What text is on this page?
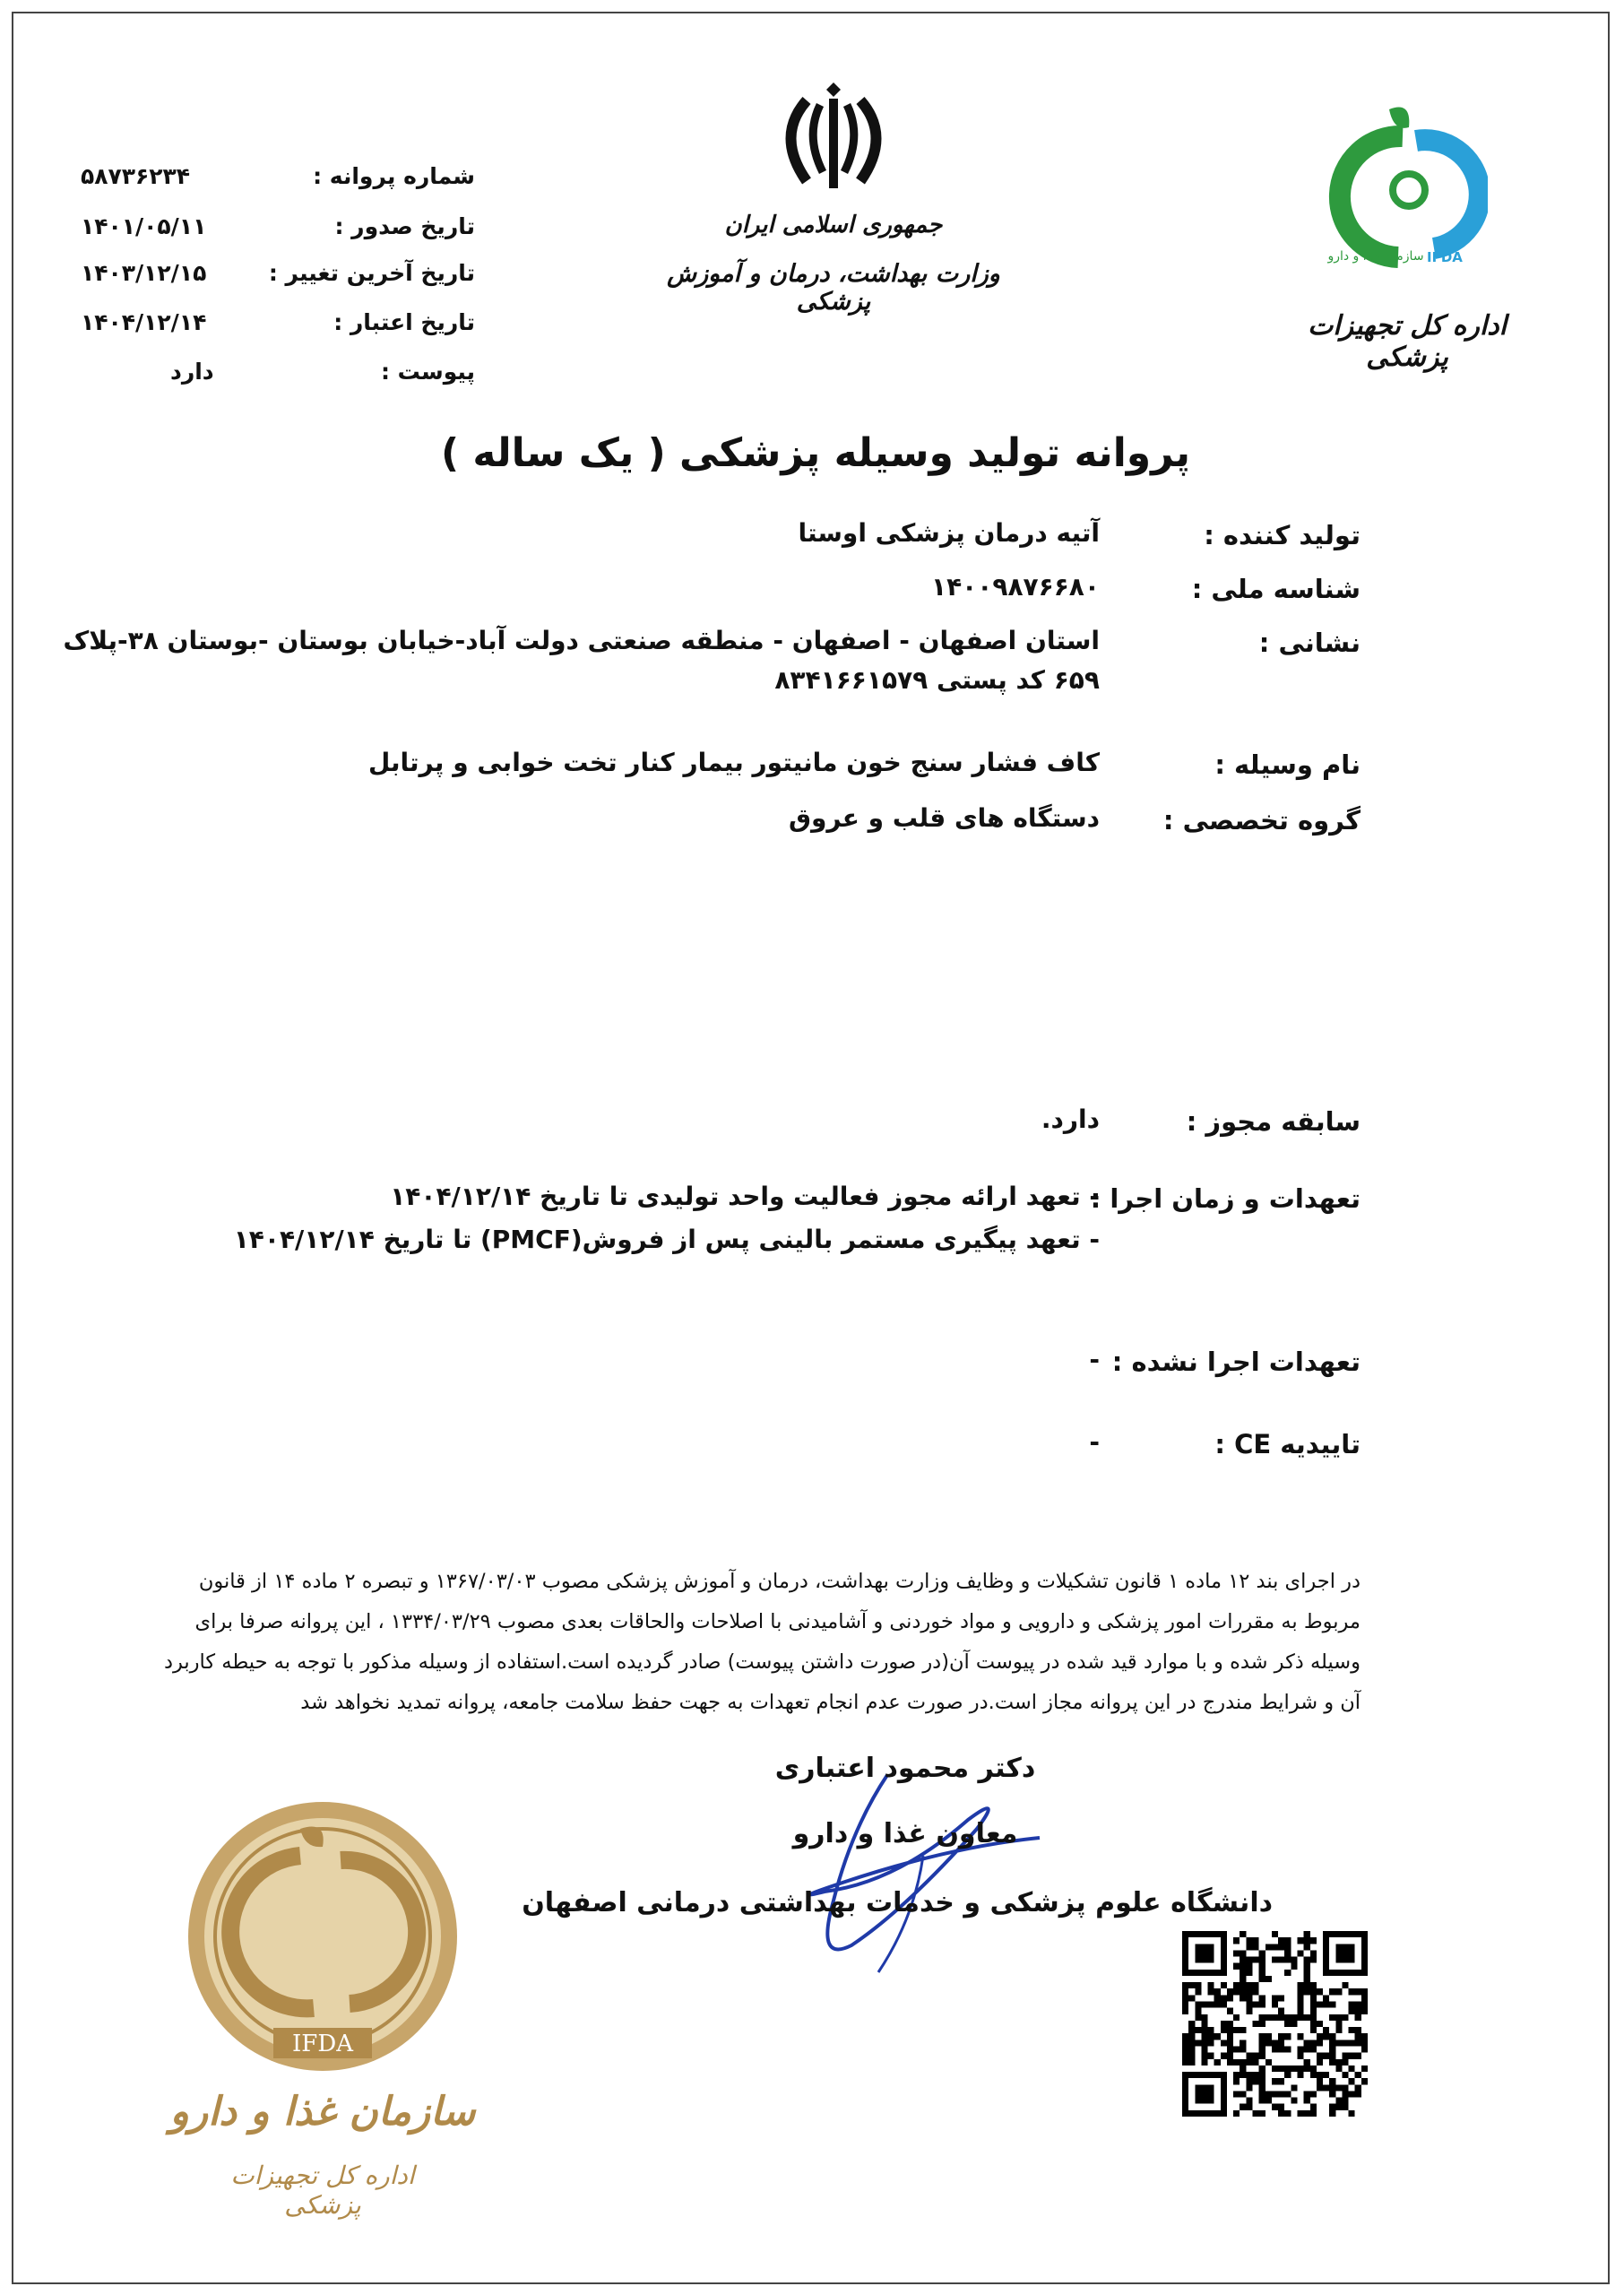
جمهوری اسلامی ایران
وزارت بهداشت، درمان و آموزش پزشکی
سازمان غذا و دارو IFDA
اداره کل تجهیزات پزشکی
شماره پروانه :
۵۸۷۳۶۲۳۴
تاریخ صدور :
۱۴۰۱/۰۵/۱۱
تاریخ آخرین تغییر :
۱۴۰۳/۱۲/۱۵
تاریخ اعتبار :
۱۴۰۴/۱۲/۱۴
پیوست :
دارد
پروانه تولید وسیله پزشکی ( یک ساله )
تولید کننده :
آتیه درمان پزشکی اوستا
شناسه ملی :
۱۴۰۰۹۸۷۶۶۸۰
نشانی :
استان اصفهان - اصفهان - منطقه صنعتی دولت آباد-خیابان بوستان -بوستان ۳۸-پلاک
۶۵۹ کد پستی ۸۳۴۱۶۶۱۵۷۹
نام وسیله :
کاف فشار سنج خون مانیتور بیمار کنار تخت خوابی و پرتابل
گروه تخصصی :
دستگاه های قلب و عروق
سابقه مجوز :
دارد.
تعهدات و زمان اجرا :
- تعهد ارائه مجوز فعالیت واحد تولیدی تا تاریخ ۱۴۰۴/۱۲/۱۴
- تعهد پیگیری مستمر بالینی پس از فروش(PMCF) تا تاریخ ۱۴۰۴/۱۲/۱۴
تعهدات اجرا نشده :
-
تاییدیه CE :
-
در اجرای بند ۱۲ ماده ۱ قانون تشکیلات و وظایف وزارت بهداشت، درمان و آموزش پزشکی مصوب ۱۳۶۷/۰۳/۰۳ و تبصره ۲ ماده ۱۴ از قانون
مربوط به مقررات امور پزشکی و دارویی و مواد خوردنی و آشامیدنی با اصلاحات والحاقات بعدی مصوب ۱۳۳۴/۰۳/۲۹ ، این پروانه صرفا برای
وسیله ذکر شده و با موارد قید شده در پیوست آن(در صورت داشتن پیوست) صادر گردیده است.استفاده از وسیله مذکور با توجه به حیطه کاربرد
آن و شرایط مندرج در این پروانه مجاز است.در صورت عدم انجام تعهدات به جهت حفظ سلامت جامعه، پروانه تمدید نخواهد شد
دکتر محمود اعتباری
معاون غذا و دارو
دانشگاه علوم پزشکی و خدمات بهداشتی درمانی اصفهان
IFDA
سازمان غذا و دارو
اداره کل تجهیزات پزشکی
